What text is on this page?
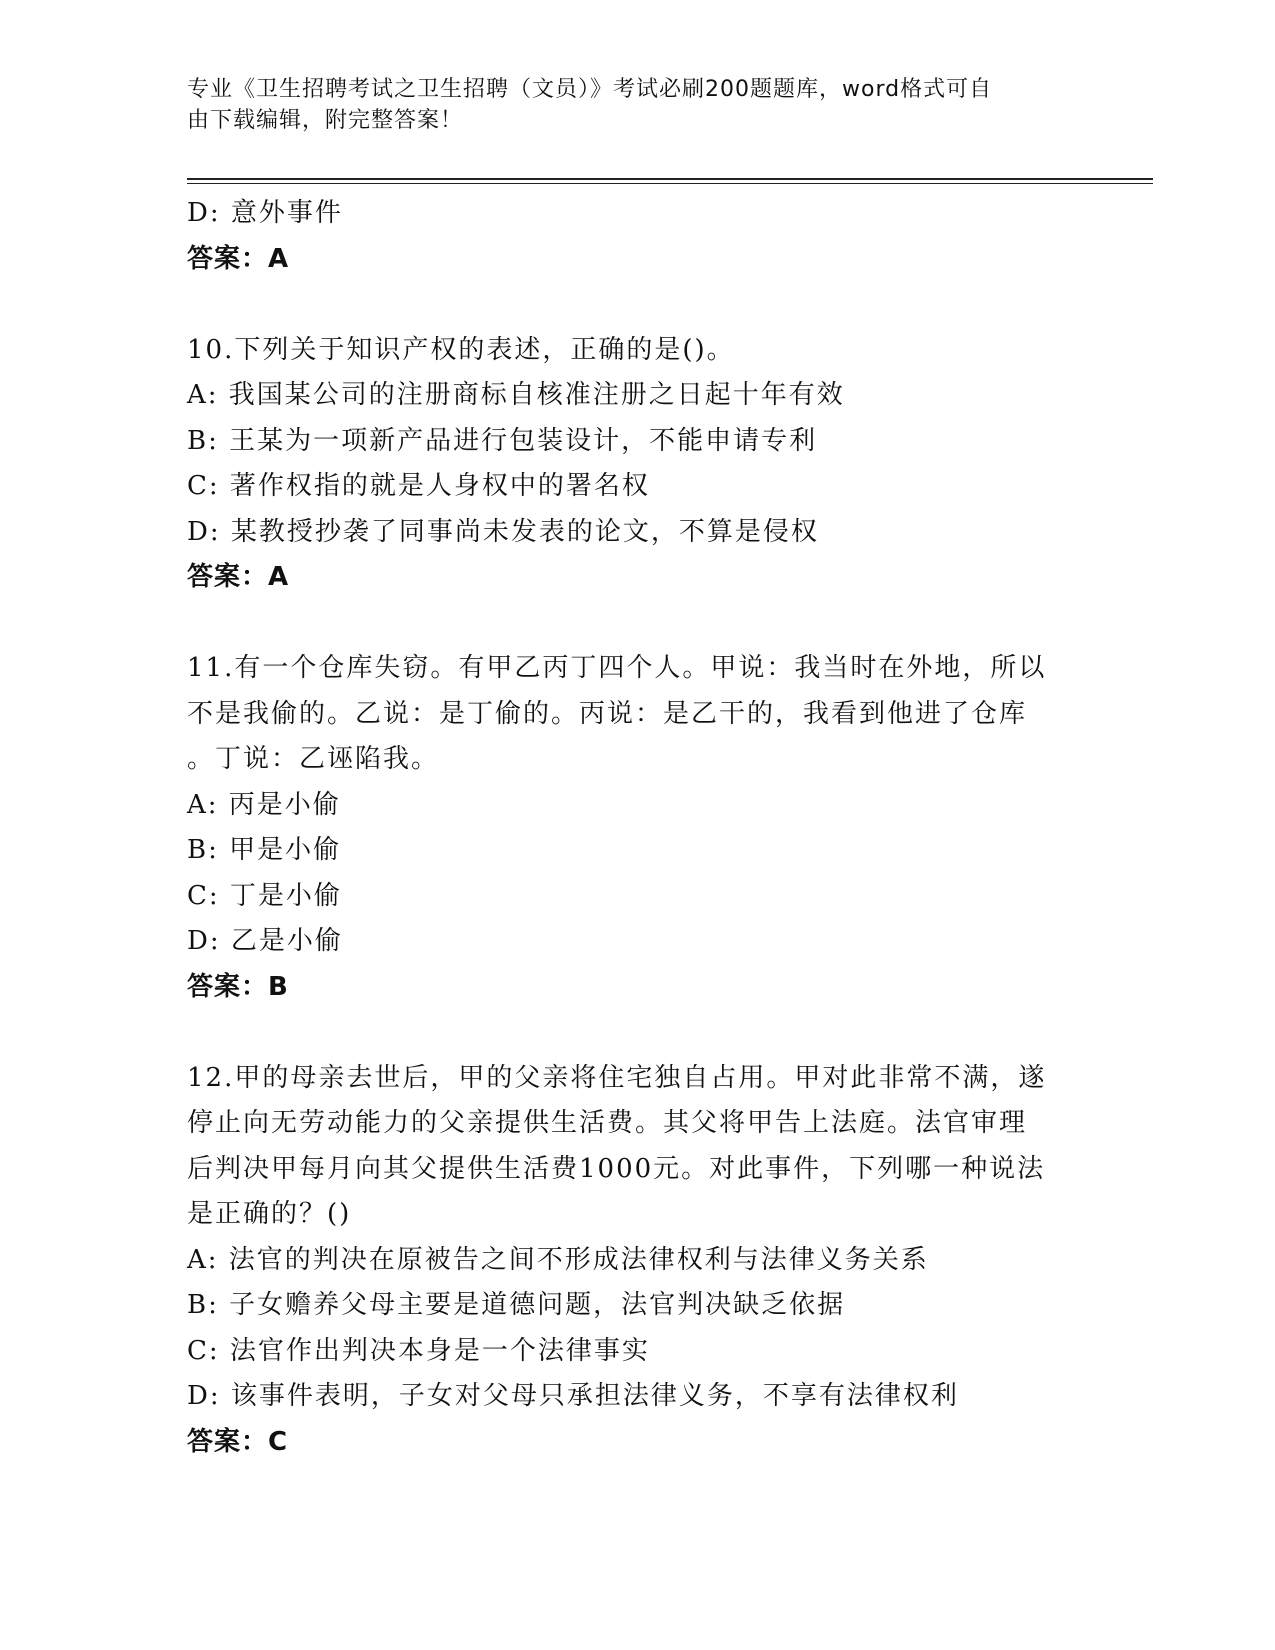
专业《卫生招聘考试之卫生招聘（文员）》考试必刷200题题库，word格式可自
由下载编辑，附完整答案！
D: 意外事件
答案：A
10.下列关于知识产权的表述，正确的是()。
A: 我国某公司的注册商标自核准注册之日起十年有效
B: 王某为一项新产品进行包装设计，不能申请专利
C: 著作权指的就是人身权中的署名权
D: 某教授抄袭了同事尚未发表的论文，不算是侵权
答案：A
11.有一个仓库失窃。有甲乙丙丁四个人。甲说：我当时在外地，所以
不是我偷的。乙说：是丁偷的。丙说：是乙干的，我看到他进了仓库
。丁说：乙诬陷我。
A: 丙是小偷
B: 甲是小偷
C: 丁是小偷
D: 乙是小偷
答案：B
12.甲的母亲去世后，甲的父亲将住宅独自占用。甲对此非常不满，遂
停止向无劳动能力的父亲提供生活费。其父将甲告上法庭。法官审理
后判决甲每月向其父提供生活费1000元。对此事件，下列哪一种说法
是正确的？()
A: 法官的判决在原被告之间不形成法律权利与法律义务关系
B: 子女赡养父母主要是道德问题，法官判决缺乏依据
C: 法官作出判决本身是一个法律事实
D: 该事件表明，子女对父母只承担法律义务，不享有法律权利
答案：C
